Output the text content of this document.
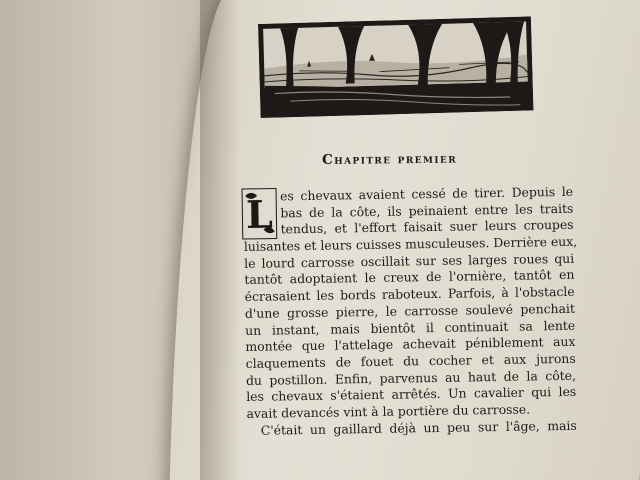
Chapitre premier
L es chevaux avaient cessé de tirer. Depuis le
bas de la côte, ils peinaient entre les traits
tendus, et l'effort faisait suer leurs croupes
luisantes et leurs cuisses musculeuses. Derrière eux,
le lourd carrosse oscillait sur ses larges roues qui
tantôt adoptaient le creux de l'ornière, tantôt en
écrasaient les bords raboteux. Parfois, à l'obstacle
d'une grosse pierre, le carrosse soulevé penchait
un instant, mais bientôt il continuait sa lente
montée que l'attelage achevait péniblement aux
claquements de fouet du cocher et aux jurons
du postillon. Enfin, parvenus au haut de la côte,
les chevaux s'étaient arrêtés. Un cavalier qui les
avait devancés vint à la portière du carrosse.
C'était un gaillard déjà un peu sur l'âge, mais
